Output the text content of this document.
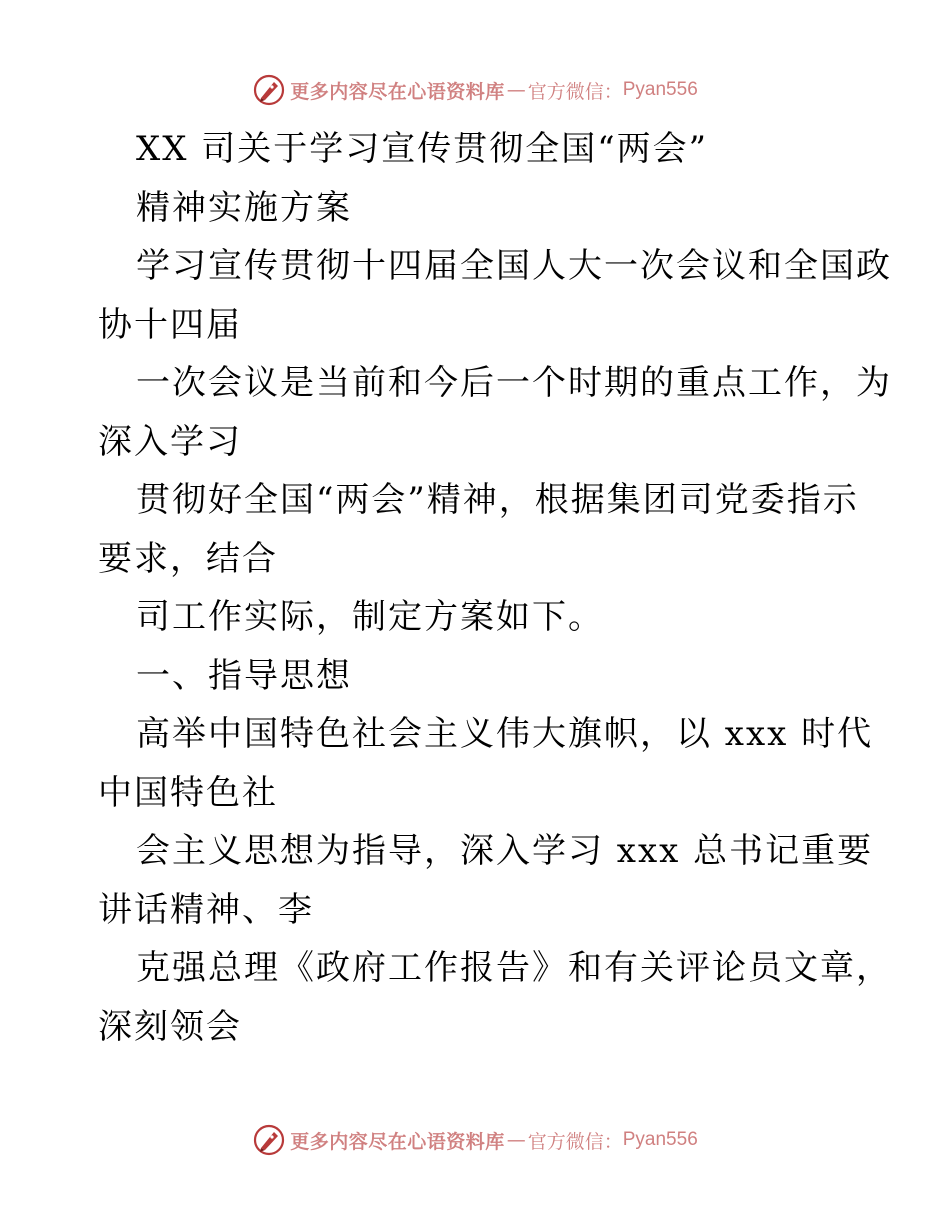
更多内容尽在心语资料库 — 官方微信： Pyan556
XX 司关于学习宣传贯彻全国“两会”
精神实施方案
学习宣传贯彻十四届全国人大一次会议和全国政
协十四届
一次会议是当前和今后一个时期的重点工作，为
深入学习
贯彻好全国“两会”精神，根据集团司党委指示
要求，结合
司工作实际，制定方案如下。
一、指导思想
高举中国特色社会主义伟大旗帜，以 xxx 时代
中国特色社
会主义思想为指导，深入学习 xxx 总书记重要
讲话精神、李
克强总理《政府工作报告》和有关评论员文章，
深刻领会
更多内容尽在心语资料库 — 官方微信： Pyan556
